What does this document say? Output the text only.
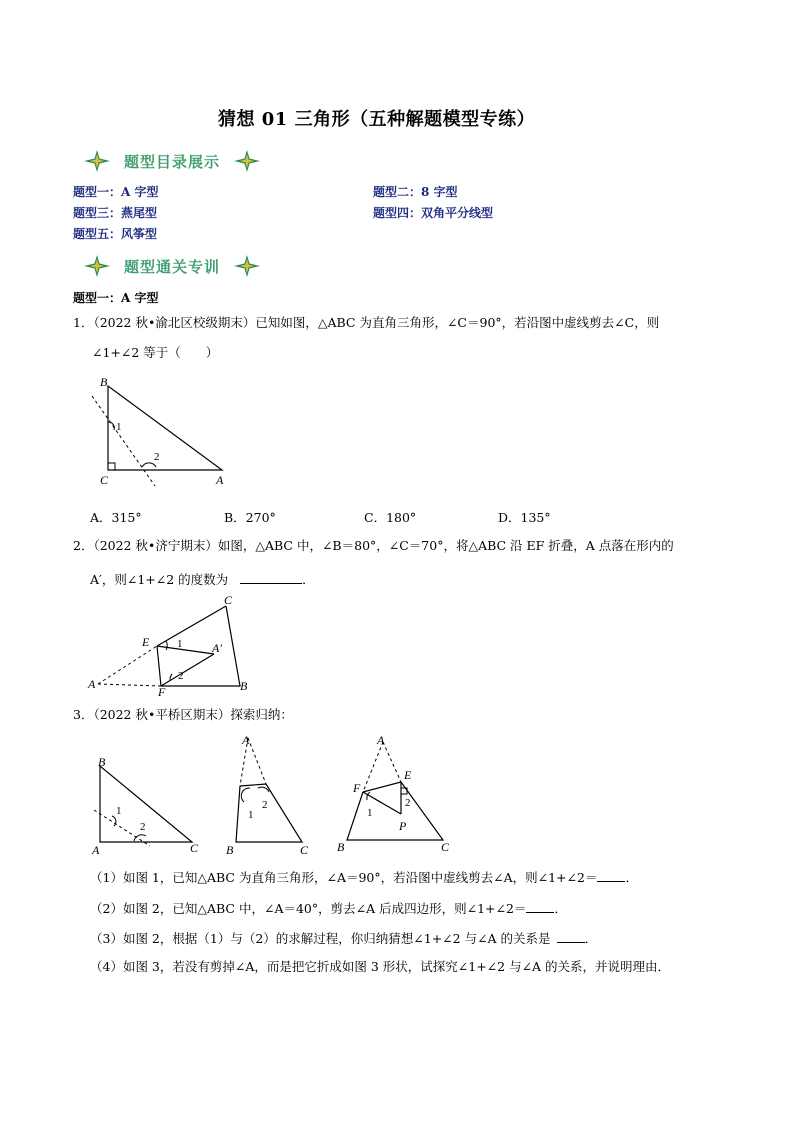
猜想 01 三角形（五种解题模型专练）
题型目录展示
题型一：A 字型	题型二：8 字型
题型三：燕尾型	题型四：双角平分线型
题型五：风筝型
题型通关专训
题型一：A 字型
1．（2022 秋•渝北区校级期末）已知如图，△ABC 为直角三角形，∠C＝90°，若沿图中虚线剪去∠C，则
∠1+∠2 等于（　　）
B
C	A
1
2
A．315°	B．270°	C．180°	D．135°
2．（2022 秋•济宁期末）如图，△ABC 中，∠B＝80°，∠C＝70°，将△ABC 沿 EF 折叠，A 点落在形内的
A′，则∠1+∠2 的度数为	．
C
E	A′
A
F	B
1
2
3．（2022 秋•平桥区期末）探索归纳：
B
A	C
1
2
A
B	C
1
2
A
E
F
P
B	C
1
2
（1）如图 1，已知△ABC 为直角三角形，∠A＝90°，若沿图中虚线剪去∠A，则∠1+∠2＝ ．
（2）如图 2，已知△ABC 中，∠A＝40°，剪去∠A 后成四边形，则∠1+∠2＝ ．
（3）如图 2，根据（1）与（2）的求解过程，你归纳猜想∠1+∠2 与∠A 的关系是	．
（4）如图 3，若没有剪掉∠A，而是把它折成如图 3 形状，试探究∠1+∠2 与∠A 的关系，并说明理由．
